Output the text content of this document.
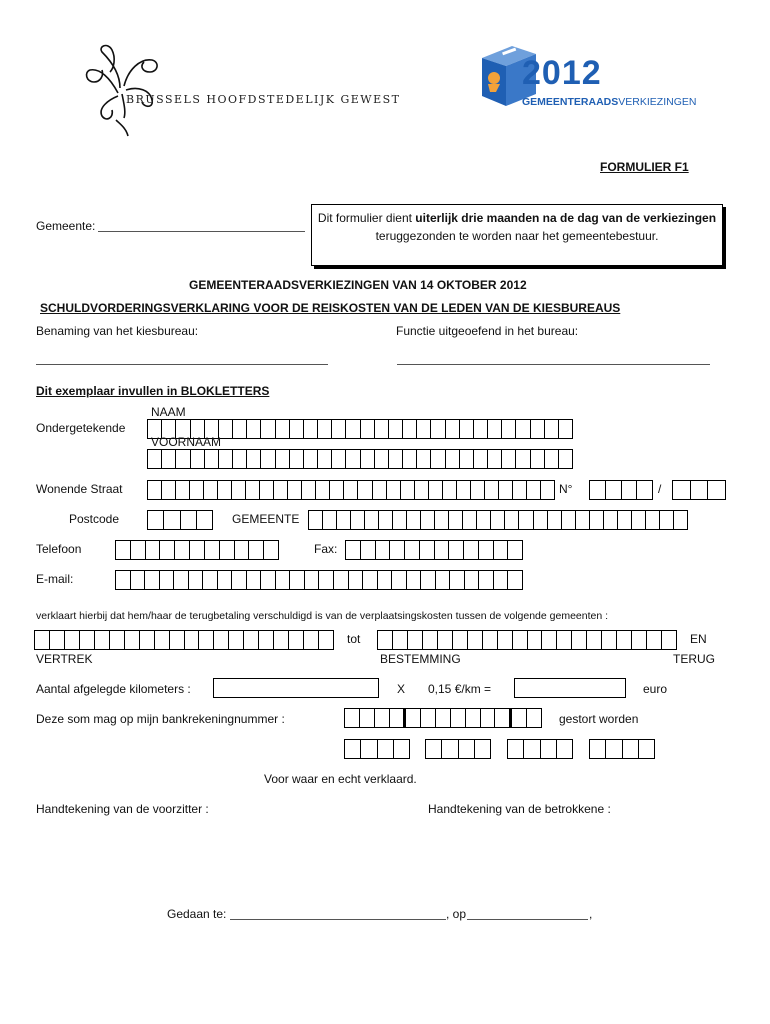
BRUSSELS HOOFDSTEDELIJK GEWEST
2012
GEMEENTERAADSVERKIEZINGEN
FORMULIER F1
Gemeente:
Dit formulier dient uiterlijk drie maanden na de dag van de verkiezingen teruggezonden te worden naar het gemeentebestuur.
GEMEENTERAADSVERKIEZINGEN VAN 14 OKTOBER 2012
SCHULDVORDERINGSVERKLARING VOOR DE REISKOSTEN VAN DE LEDEN VAN DE KIESBUREAUS
Benaming van het kiesbureau:	Functie uitgeoefend in het bureau:
Dit exemplaar invullen in BLOKLETTERS
NAAM
Ondergetekende
VOORNAAM
Wonende Straat	N°	/
Postcode	GEMEENTE
Telefoon	Fax:
E-mail:
verklaart hierbij dat hem/haar de terugbetaling verschuldigd is van de verplaatsingskosten tussen de volgende gemeenten :
tot	EN
VERTREK	BESTEMMING	TERUG
Aantal afgelegde kilometers :	X 0,15 €/km =	euro
Deze som mag op mijn bankrekeningnummer :	gestort worden
Voor waar en echt verklaard.
Handtekening van de voorzitter :	Handtekening van de betrokkene :
Gedaan te:	, op	,
